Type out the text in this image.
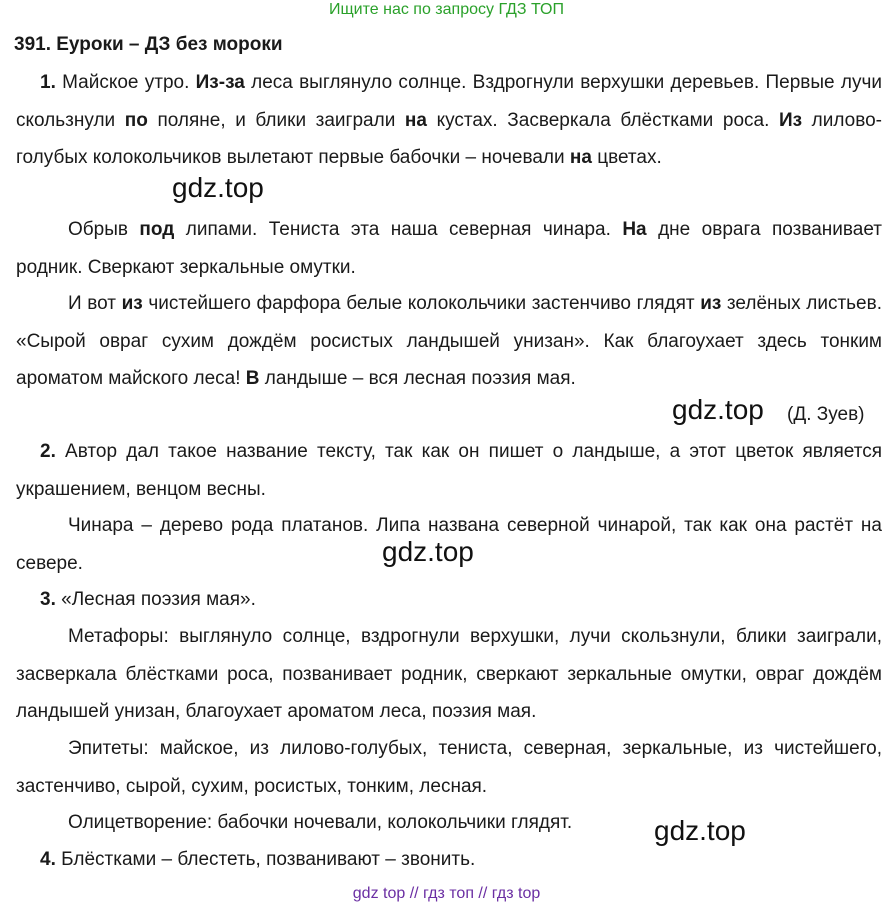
Ищите нас по запросу ГДЗ ТОП
391. Еуроки – ДЗ без мороки

1. Майское утро. Из-за леса выглянуло солнце. Вздрогнули верхушки деревьев. Первые лучи скользнули по поляне, и блики заиграли на кустах. Засверкала блёстками роса. Из лилово-голубых колокольчиков вылетают первые бабочки – ночевали на цветах.

Обрыв под липами. Тениста эта наша северная чинара. На дне оврага позванивает родник. Сверкают зеркальные омутки.

И вот из чистейшего фарфора белые колокольчики застенчиво глядят из зелёных листьев. «Сырой овраг сухим дождём росистых ландышей унизан». Как благоухает здесь тонким ароматом майского леса! В ландыше – вся лесная поэзия мая.

(Д. Зуев)

2. Автор дал такое название тексту, так как он пишет о ландыше, а этот цветок является украшением, венцом весны.

Чинара – дерево рода платанов. Липа названа северной чинарой, так как она растёт на севере.

3. «Лесная поэзия мая».

Метафоры: выглянуло солнце, вздрогнули верхушки, лучи скользнули, блики заиграли, засверкала блёстками роса, позванивает родник, сверкают зеркальные омутки, овраг дождём ландышей унизан, благоухает ароматом леса, поэзия мая.

Эпитеты: майское, из лилово-голубых, тениста, северная, зеркальные, из чистейшего, застенчиво, сырой, сухим, росистых, тонким, лесная.

Олицетворение: бабочки ночевали, колокольчики глядят.

4. Блёстками – блестеть, позванивают – звонить.

gdz.top
gdz.top
gdz.top
gdz.top
gdz top // гдз топ // гдз top
